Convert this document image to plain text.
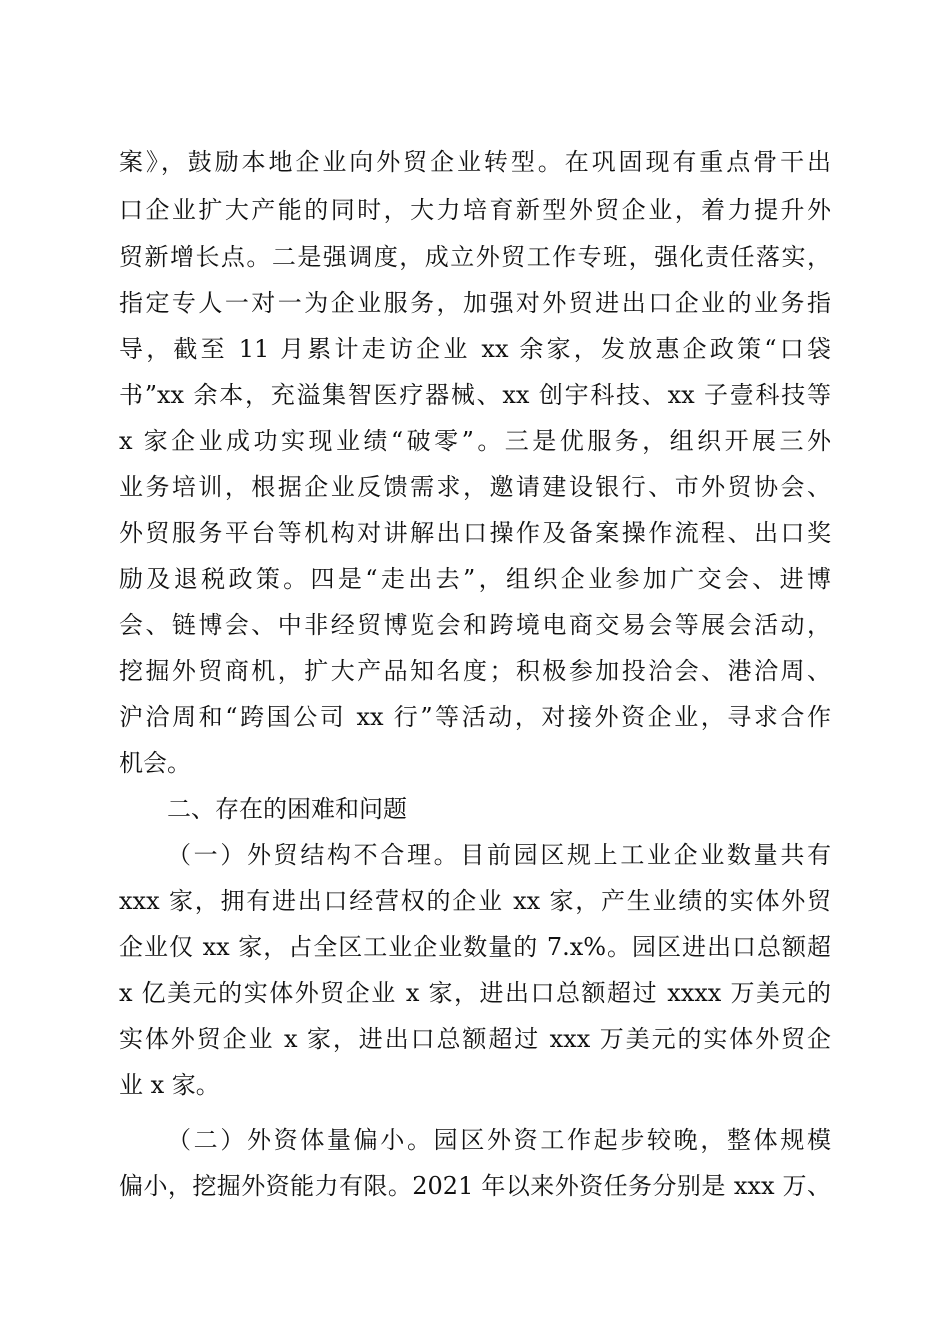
案》，鼓励本地企业向外贸企业转型。在巩固现有重点骨干出
口企业扩大产能的同时，大力培育新型外贸企业，着力提升外
贸新增长点。二是强调度，成立外贸工作专班，强化责任落实，
指定专人一对一为企业服务，加强对外贸进出口企业的业务指
导，截至 11 月累计走访企业 xx 余家，发放惠企政策“口袋
书”xx 余本，充溢集智医疗器械、xx 创宇科技、xx 子壹科技等
x 家企业成功实现业绩“破零”。三是优服务，组织开展三外
业务培训，根据企业反馈需求，邀请建设银行、市外贸协会、
外贸服务平台等机构对讲解出口操作及备案操作流程、出口奖
励及退税政策。四是“走出去”，组织企业参加广交会、进博
会、链博会、中非经贸博览会和跨境电商交易会等展会活动，
挖掘外贸商机，扩大产品知名度；积极参加投洽会、港洽周、
沪洽周和“跨国公司 xx 行”等活动，对接外资企业，寻求合作
机会。
二、存在的困难和问题
（一）外贸结构不合理。目前园区规上工业企业数量共有
xxx 家，拥有进出口经营权的企业 xx 家，产生业绩的实体外贸
企业仅 xx 家，占全区工业企业数量的 7.x%。园区进出口总额超
x 亿美元的实体外贸企业 x 家，进出口总额超过 xxxx 万美元的
实体外贸企业 x 家，进出口总额超过 xxx 万美元的实体外贸企
业 x 家。
（二）外资体量偏小。园区外资工作起步较晚，整体规模
偏小，挖掘外资能力有限。2021 年以来外资任务分别是 xxx 万、
